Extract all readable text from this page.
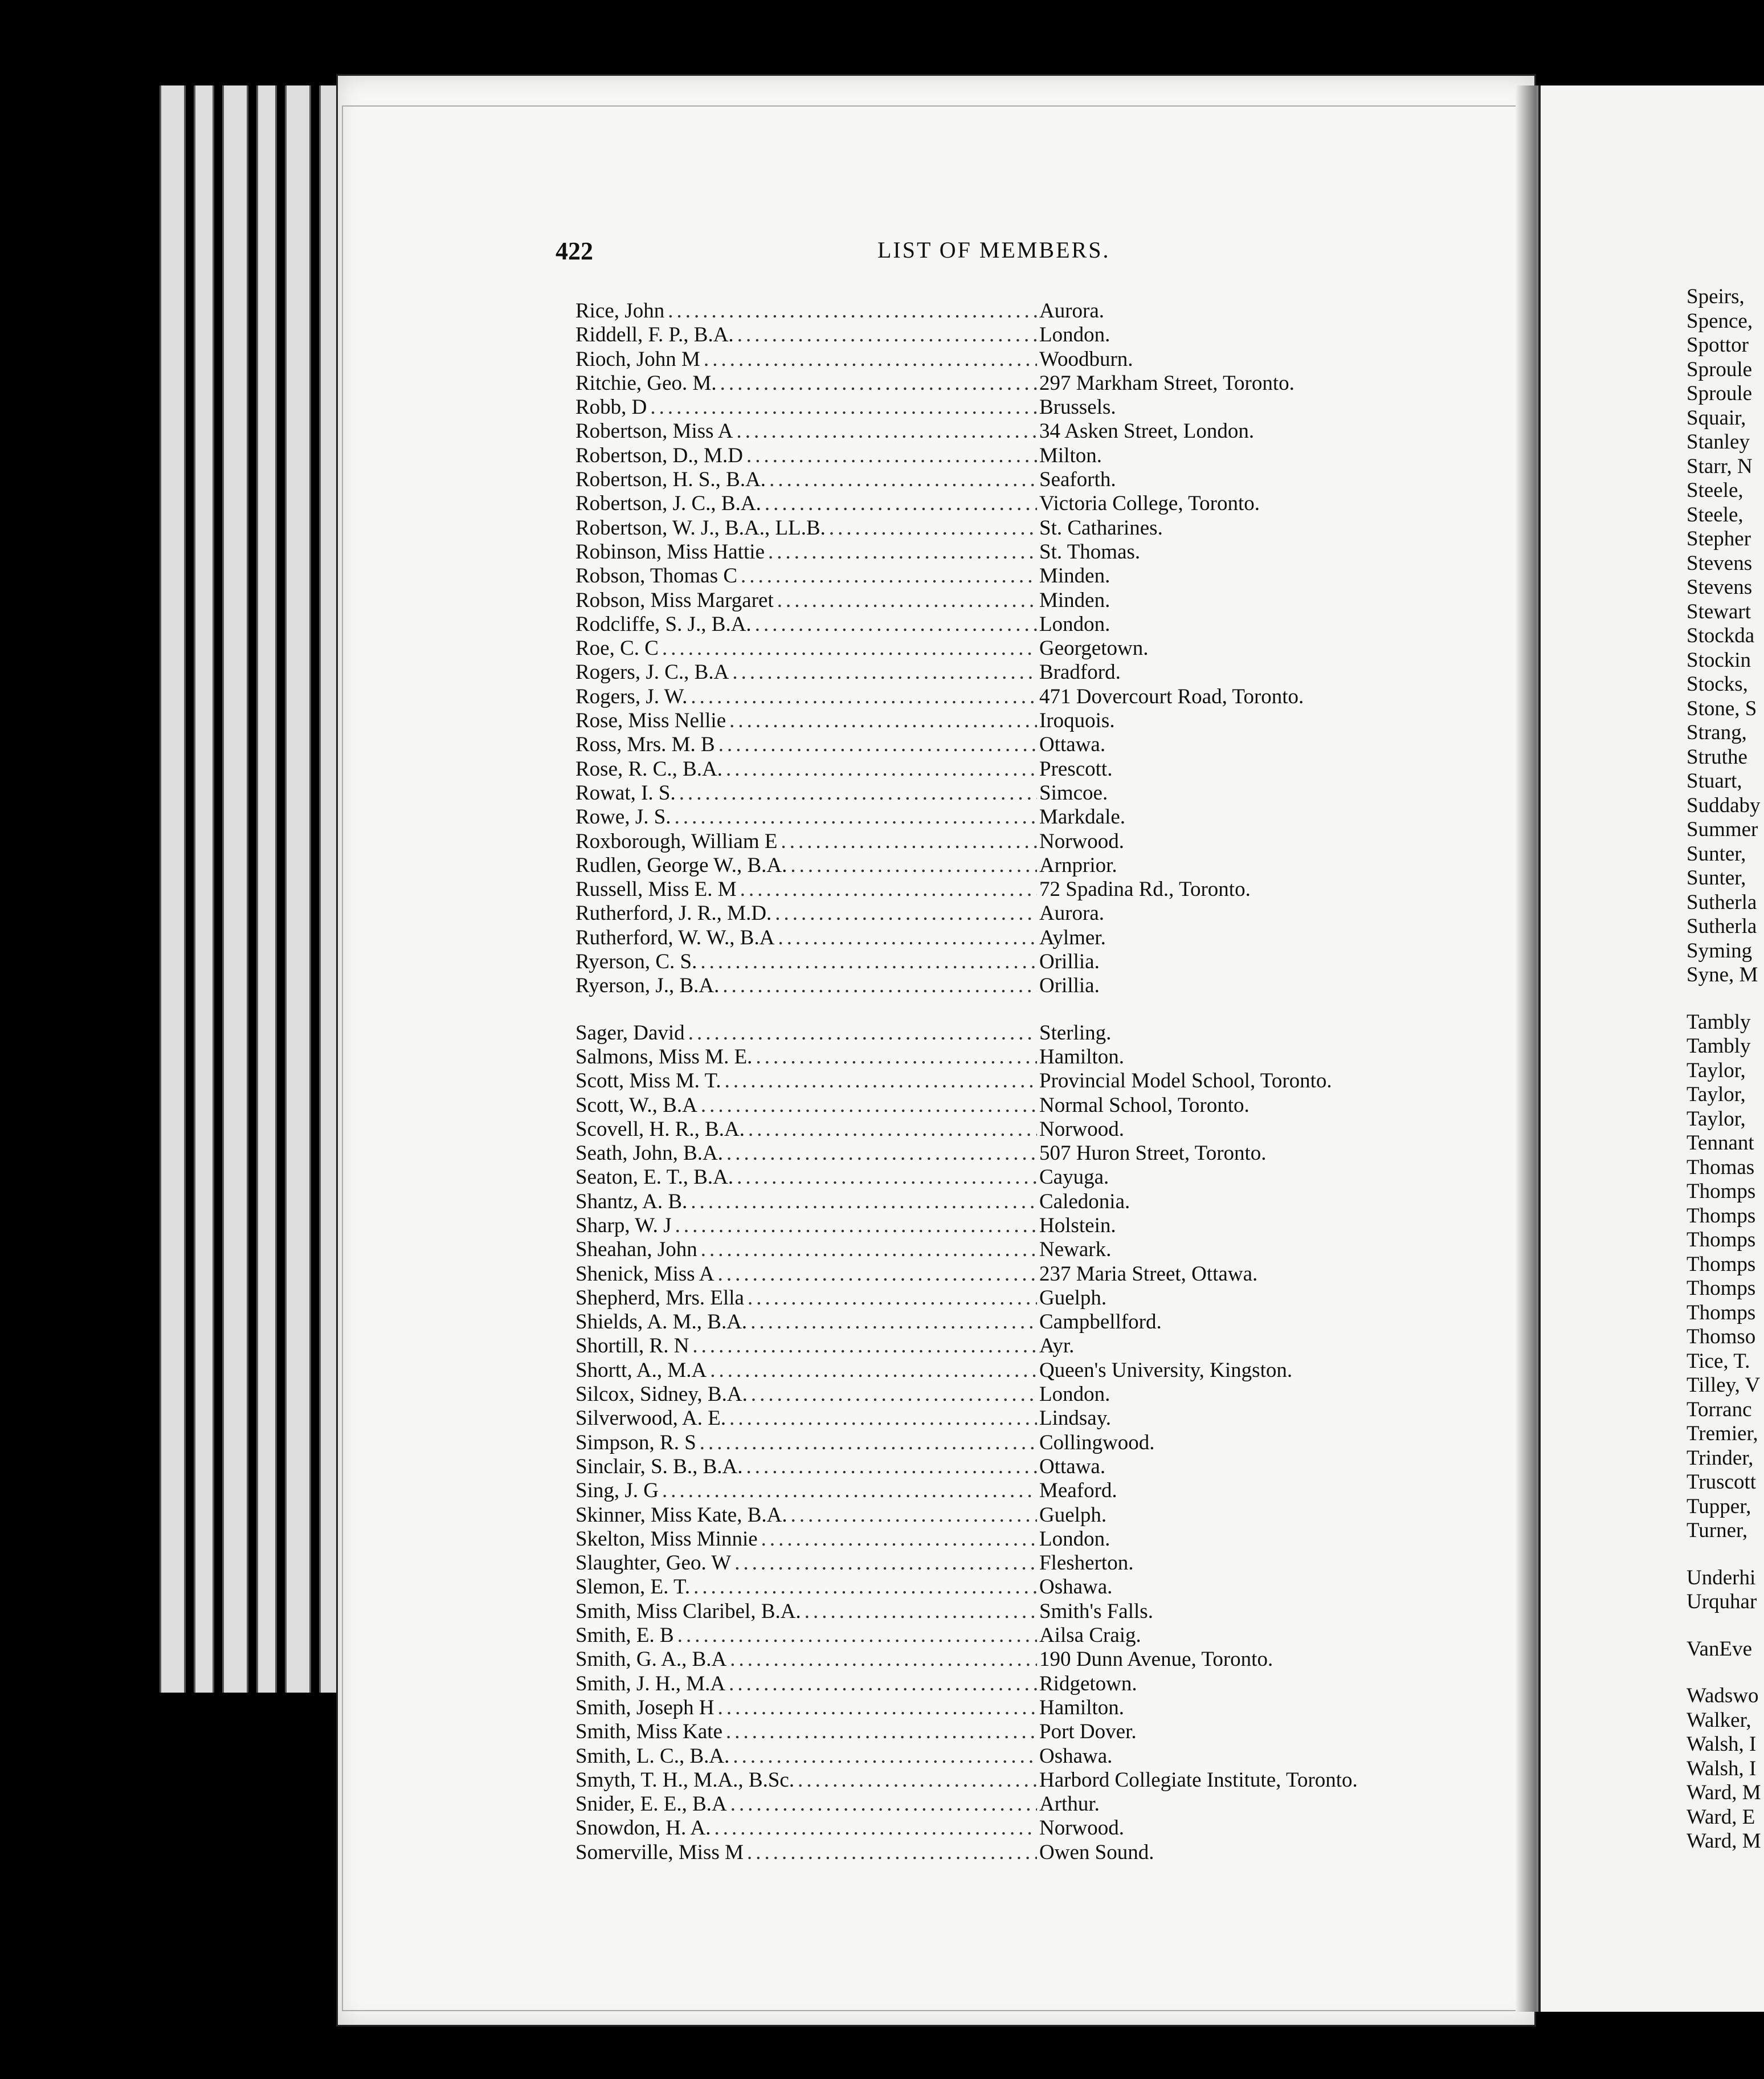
422	LIST OF MEMBERS.
Rice, John .....	Aurora.
Riddell, F. P., B.A. .....	London.
Rioch, John M .....	Woodburn.
Ritchie, Geo. M. .....	297 Markham Street, Toronto.
Robb, D .....	Brussels.
Robertson, Miss A .....	34 Asken Street, London.
Robertson, D., M.D .....	Milton.
Robertson, H. S., B.A. .....	Seaforth.
Robertson, J. C., B.A. .....	Victoria College, Toronto.
Robertson, W. J., B.A., LL.B. .....	St. Catharines.
Robinson, Miss Hattie .....	St. Thomas.
Robson, Thomas C .....	Minden.
Robson, Miss Margaret .....	Minden.
Rodcliffe, S. J., B.A. .....	London.
Roe, C. C .....	Georgetown.
Rogers, J. C., B.A .....	Bradford.
Rogers, J. W. .....	471 Dovercourt Road, Toronto.
Rose, Miss Nellie .....	Iroquois.
Ross, Mrs. M. B .....	Ottawa.
Rose, R. C., B.A. .....	Prescott.
Rowat, I. S. .....	Simcoe.
Rowe, J. S. .....	Markdale.
Roxborough, William E .....	Norwood.
Rudlen, George W., B.A. .....	Arnprior.
Russell, Miss E. M .....	72 Spadina Rd., Toronto.
Rutherford, J. R., M.D. .....	Aurora.
Rutherford, W. W., B.A .....	Aylmer.
Ryerson, C. S. .....	Orillia.
Ryerson, J., B.A. .....	Orillia.
Sager, David .....	Sterling.
Salmons, Miss M. E. .....	Hamilton.
Scott, Miss M. T. .....	Provincial Model School, Toronto.
Scott, W., B.A .....	Normal School, Toronto.
Scovell, H. R., B.A. .....	Norwood.
Seath, John, B.A. .....	507 Huron Street, Toronto.
Seaton, E. T., B.A. .....	Cayuga.
Shantz, A. B. .....	Caledonia.
Sharp, W. J .....	Holstein.
Sheahan, John .....	Newark.
Shenick, Miss A .....	237 Maria Street, Ottawa.
Shepherd, Mrs. Ella .....	Guelph.
Shields, A. M., B.A. .....	Campbellford.
Shortill, R. N .....	Ayr.
Shortt, A., M.A .....	Queen's University, Kingston.
Silcox, Sidney, B.A. .....	London.
Silverwood, A. E. .....	Lindsay.
Simpson, R. S .....	Collingwood.
Sinclair, S. B., B.A. .....	Ottawa.
Sing, J. G .....	Meaford.
Skinner, Miss Kate, B.A. .....	Guelph.
Skelton, Miss Minnie .....	London.
Slaughter, Geo. W .....	Flesherton.
Slemon, E. T. .....	Oshawa.
Smith, Miss Claribel, B.A. .....	Smith's Falls.
Smith, E. B .....	Ailsa Craig.
Smith, G. A., B.A .....	190 Dunn Avenue, Toronto.
Smith, J. H., M.A .....	Ridgetown.
Smith, Joseph H .....	Hamilton.
Smith, Miss Kate .....	Port Dover.
Smith, L. C., B.A. .....	Oshawa.
Smyth, T. H., M.A., B.Sc. .....	Harbord Collegiate Institute, Toronto.
Snider, E. E., B.A .....	Arthur.
Snowdon, H. A. .....	Norwood.
Somerville, Miss M .....	Owen Sound.
Speirs,
Spence,
Spottor
Sproule
Sproule
Squair,
Stanley
Starr, N
Steele,
Steele,
Stepher
Stevens
Stevens
Stewart
Stockda
Stockin
Stocks,
Stone, S
Strang,
Struthe
Stuart,
Suddaby
Summer
Sunter,
Sunter,
Sutherla
Sutherla
Syming
Syne, M
Tambly
Tambly
Taylor,
Taylor,
Taylor,
Tennant
Thomas
Thomps
Thomps
Thomps
Thomps
Thomps
Thomps
Thomso
Tice, T.
Tilley, V
Torranc
Tremier,
Trinder,
Truscott
Tupper,
Turner,
Underhi
Urquhar
VanEve
Wadswo
Walker,
Walsh, I
Walsh, I
Ward, M
Ward, E
Ward, M
